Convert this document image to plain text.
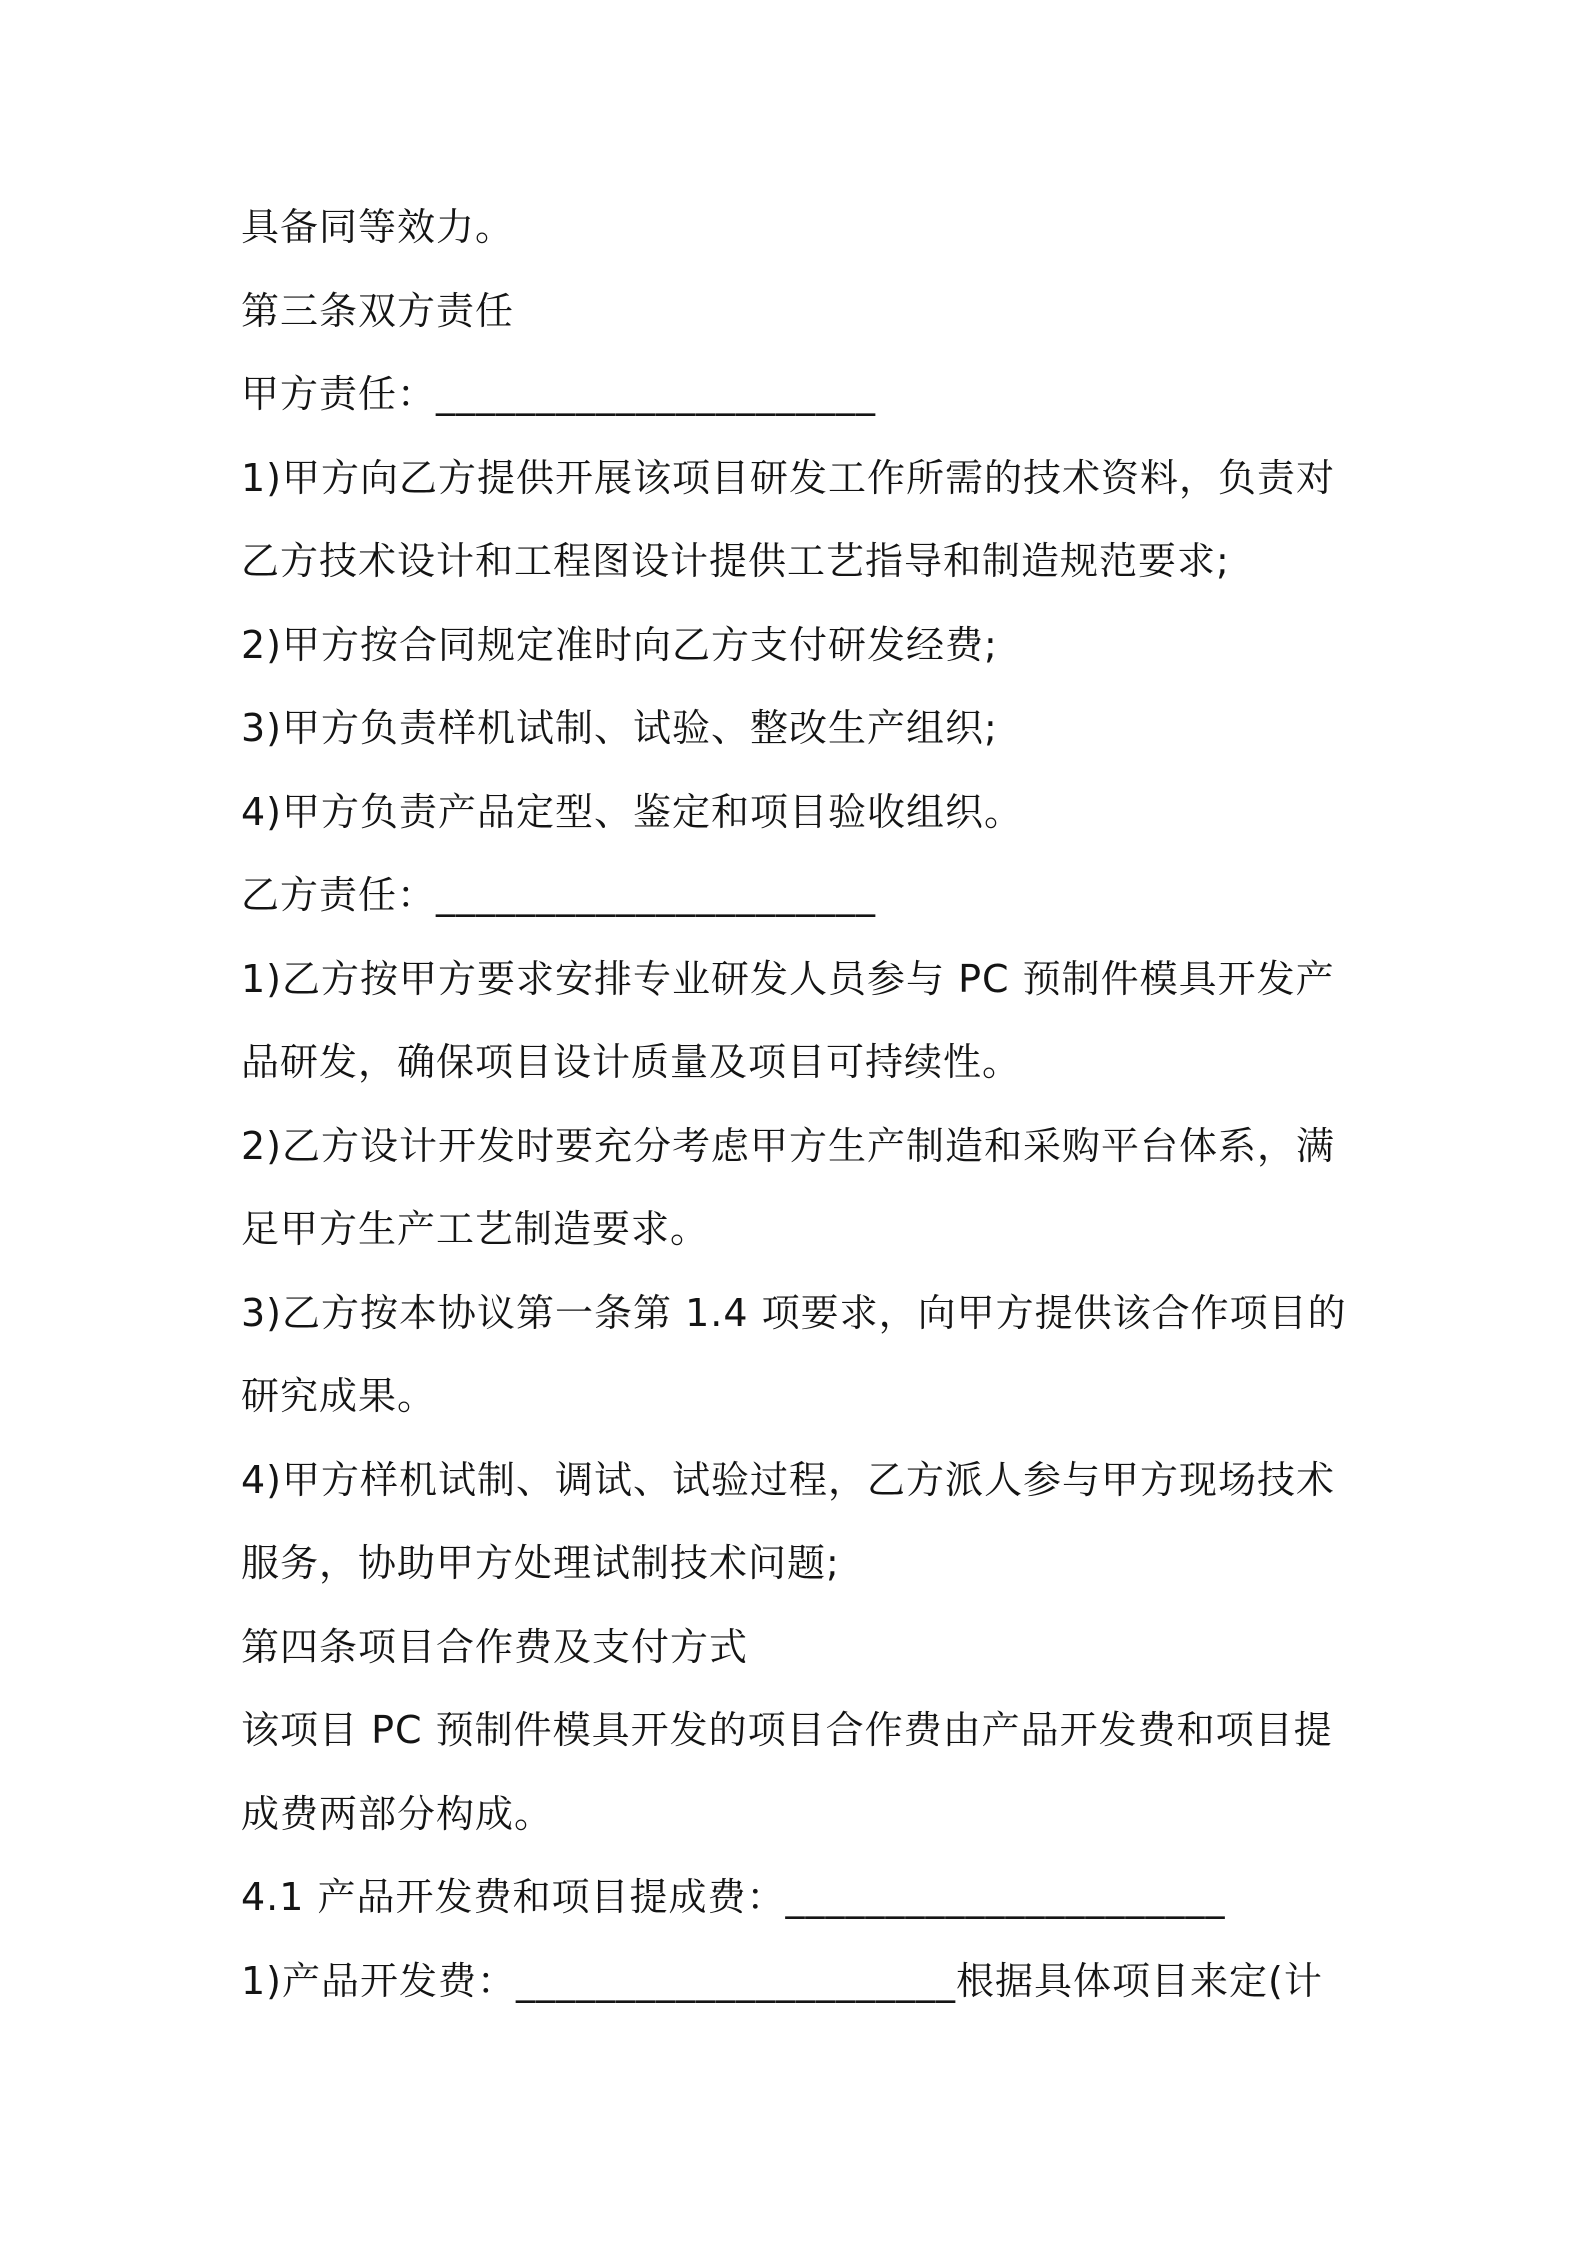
具备同等效力。
第三条双方责任
甲方责任：______________________
1)甲方向乙方提供开展该项目研发工作所需的技术资料，负责对
乙方技术设计和工程图设计提供工艺指导和制造规范要求;
2)甲方按合同规定准时向乙方支付研发经费;
3)甲方负责样机试制、试验、整改生产组织;
4)甲方负责产品定型、鉴定和项目验收组织。
乙方责任：______________________
1)乙方按甲方要求安排专业研发人员参与 PC 预制件模具开发产
品研发，确保项目设计质量及项目可持续性。
2)乙方设计开发时要充分考虑甲方生产制造和采购平台体系，满
足甲方生产工艺制造要求。
3)乙方按本协议第一条第 1.4 项要求，向甲方提供该合作项目的
研究成果。
4)甲方样机试制、调试、试验过程，乙方派人参与甲方现场技术
服务，协助甲方处理试制技术问题;
第四条项目合作费及支付方式
该项目 PC 预制件模具开发的项目合作费由产品开发费和项目提
成费两部分构成。
4.1 产品开发费和项目提成费：______________________
1)产品开发费：______________________根据具体项目来定(计
